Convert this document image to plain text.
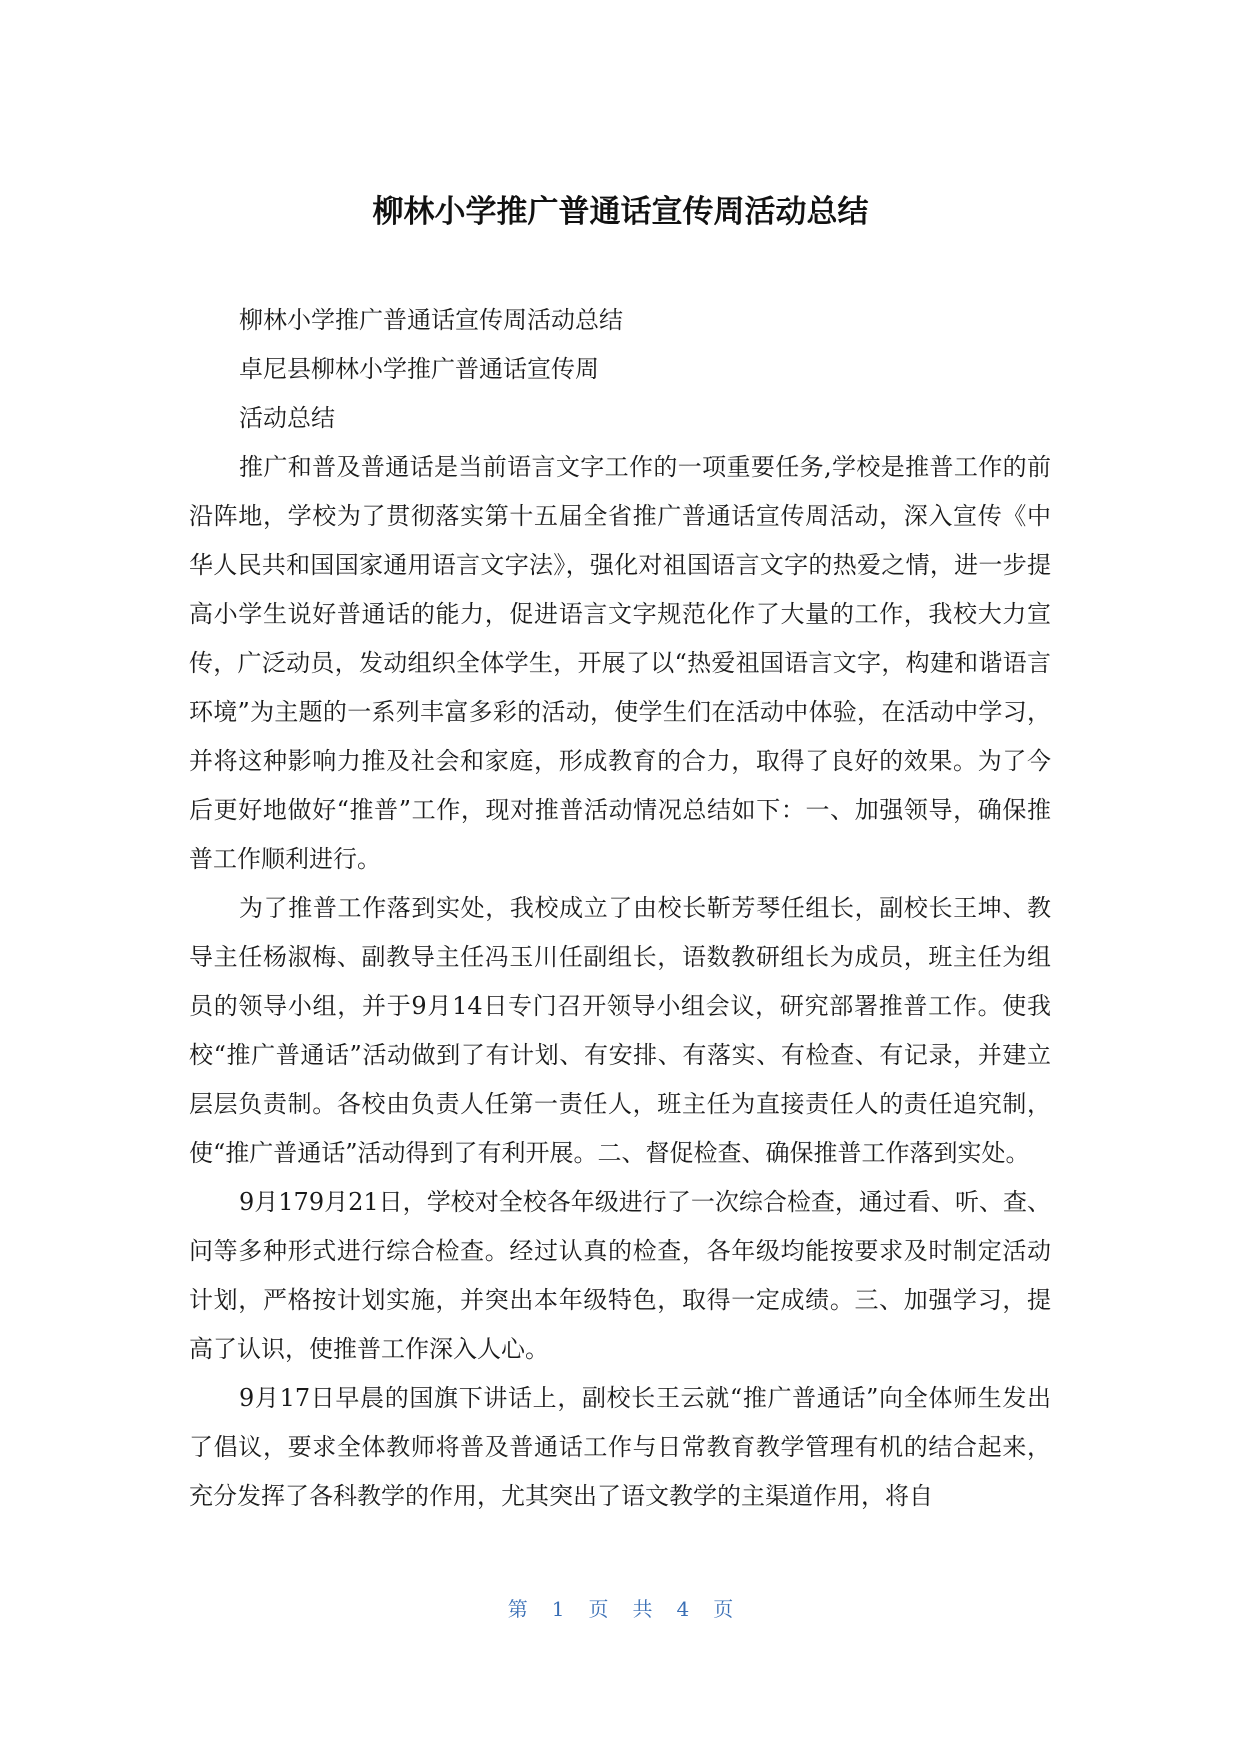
柳林小学推广普通话宣传周活动总结

柳林小学推广普通话宣传周活动总结

卓尼县柳林小学推广普通话宣传周

活动总结

推广和普及普通话是当前语言文字工作的一项重要任务,学校是推普工作的前沿阵地，学校为了贯彻落实第十五届全省推广普通话宣传周活动，深入宣传《中华人民共和国国家通用语言文字法》，强化对祖国语言文字的热爱之情，进一步提高小学生说好普通话的能力，促进语言文字规范化作了大量的工作，我校大力宣传，广泛动员，发动组织全体学生，开展了以“热爱祖国语言文字，构建和谐语言环境”为主题的一系列丰富多彩的活动，使学生们在活动中体验，在活动中学习，并将这种影响力推及社会和家庭，形成教育的合力，取得了良好的效果。为了今后更好地做好“推普”工作，现对推普活动情况总结如下：一、加强领导，确保推普工作顺利进行。

为了推普工作落到实处，我校成立了由校长靳芳琴任组长，副校长王坤、教导主任杨淑梅、副教导主任冯玉川任副组长，语数教研组长为成员，班主任为组员的领导小组，并于9月14日专门召开领导小组会议，研究部署推普工作。使我校“推广普通话”活动做到了有计划、有安排、有落实、有检查、有记录，并建立层层负责制。各校由负责人任第一责任人，班主任为直接责任人的责任追究制，使“推广普通话”活动得到了有利开展。二、督促检查、确保推普工作落到实处。

9月179月21日，学校对全校各年级进行了一次综合检查，通过看、听、查、问等多种形式进行综合检查。经过认真的检查，各年级均能按要求及时制定活动计划，严格按计划实施，并突出本年级特色，取得一定成绩。三、加强学习，提高了认识，使推普工作深入人心。

9月17日早晨的国旗下讲话上，副校长王云就“推广普通话”向全体师生发出了倡议，要求全体教师将普及普通话工作与日常教育教学管理有机的结合起来，充分发挥了各科教学的作用，尤其突出了语文教学的主渠道作用，将自

第 1 页 共 4 页
